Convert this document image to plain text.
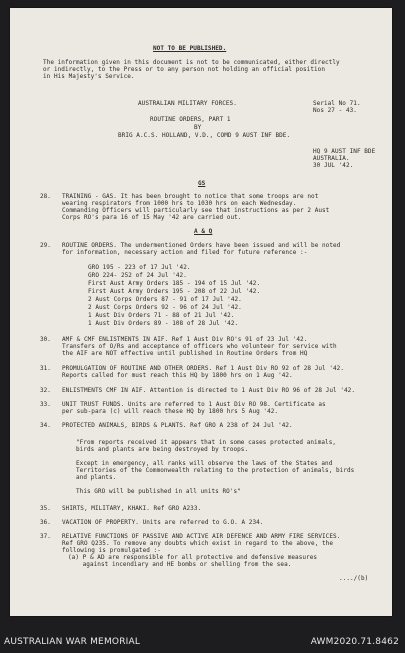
NOT TO BE PUBLISHED.
The information given in this document is not to be communicated, either directly
or indirectly, to the Press or to any person not holding an official position
in His Majesty's Service.
AUSTRALIAN MILITARY FORCES.	Serial No 71.
Nos 27 - 43.
ROUTINE ORDERS, PART 1
BY
BRIG A.C.S. HOLLAND, V.D., COMD 9 AUST INF BDE.
HQ 9 AUST INF BDE
AUSTRALIA.
30 JUL '42.
GS
28. TRAINING - GAS. It has been brought to notice that some troops are not
wearing respirators from 1000 hrs to 1030 hrs on each Wednesday.
Commanding Officers will particularly see that instructions as per 2 Aust
Corps RO's para 16 of 15 May '42 are carried out.
A & Q
29. ROUTINE ORDERS. The undermentioned Orders have been issued and will be noted
for information, necessary action and filed for future reference :-
GRO 195 - 223 of 17 Jul '42.
GRO 224- 252 of 24 Jul '42.
First Aust Army Orders 185 - 194 of 15 Jul '42.
First Aust Army Orders 195 - 208 of 22 Jul '42.
2 Aust Corps Orders 87 - 91 of 17 Jul '42.
2 Aust Corps Orders 92 - 96 of 24 Jul '42.
1 Aust Div Orders 71 - 88 of 21 Jul '42.
1 Aust Div Orders 89 - 108 of 28 Jul '42.
30. AMF & CMF ENLISTMENTS IN AIF. Ref 1 Aust Div RO's 91 of 23 Jul '42.
Transfers of O/Rs and acceptance of officers who volunteer for service with
the AIF are NOT effective until published in Routine Orders from HQ
31. PROMULGATION OF ROUTINE AND OTHER ORDERS. Ref 1 Aust Div RO 92 of 28 Jul '42.
Reports called for must reach this HQ by 1800 hrs on 1 Aug '42.
32. ENLISTMENTS CMF IN AIF. Attention is directed to 1 Aust Div RO 96 of 28 Jul '42.
33. UNIT TRUST FUNDS. Units are referred to 1 Aust Div RO 98. Certificate as
per sub-para (c) will reach these HQ by 1800 hrs 5 Aug '42.
34. PROTECTED ANIMALS, BIRDS & PLANTS. Ref GRO A 238 of 24 Jul '42.
"From reports received it appears that in some cases protected animals,
birds and plants are being destroyed by troops.
Except in emergency, all ranks will observe the laws of the States and
Territories of the Commonwealth relating to the protection of animals, birds
and plants.
This GRO will be published in all units RO's"
35. SHIRTS, MILITARY, KHAKI. Ref GRO A233.
36. VACATION OF PROPERTY. Units are referred to G.O. A 234.
37. RELATIVE FUNCTIONS OF PASSIVE AND ACTIVE AIR DEFENCE AND ARMY FIRE SERVICES.
Ref GRO Q235. To remove any doubts which exist in regard to the above, the
following is promulgated :-
(a) P & AD are responsible for all protective and defensive measures
against incendiary and HE bombs or shelling from the sea.
..../(b)
AUSTRALIAN WAR MEMORIAL	AWM2020.71.8462
